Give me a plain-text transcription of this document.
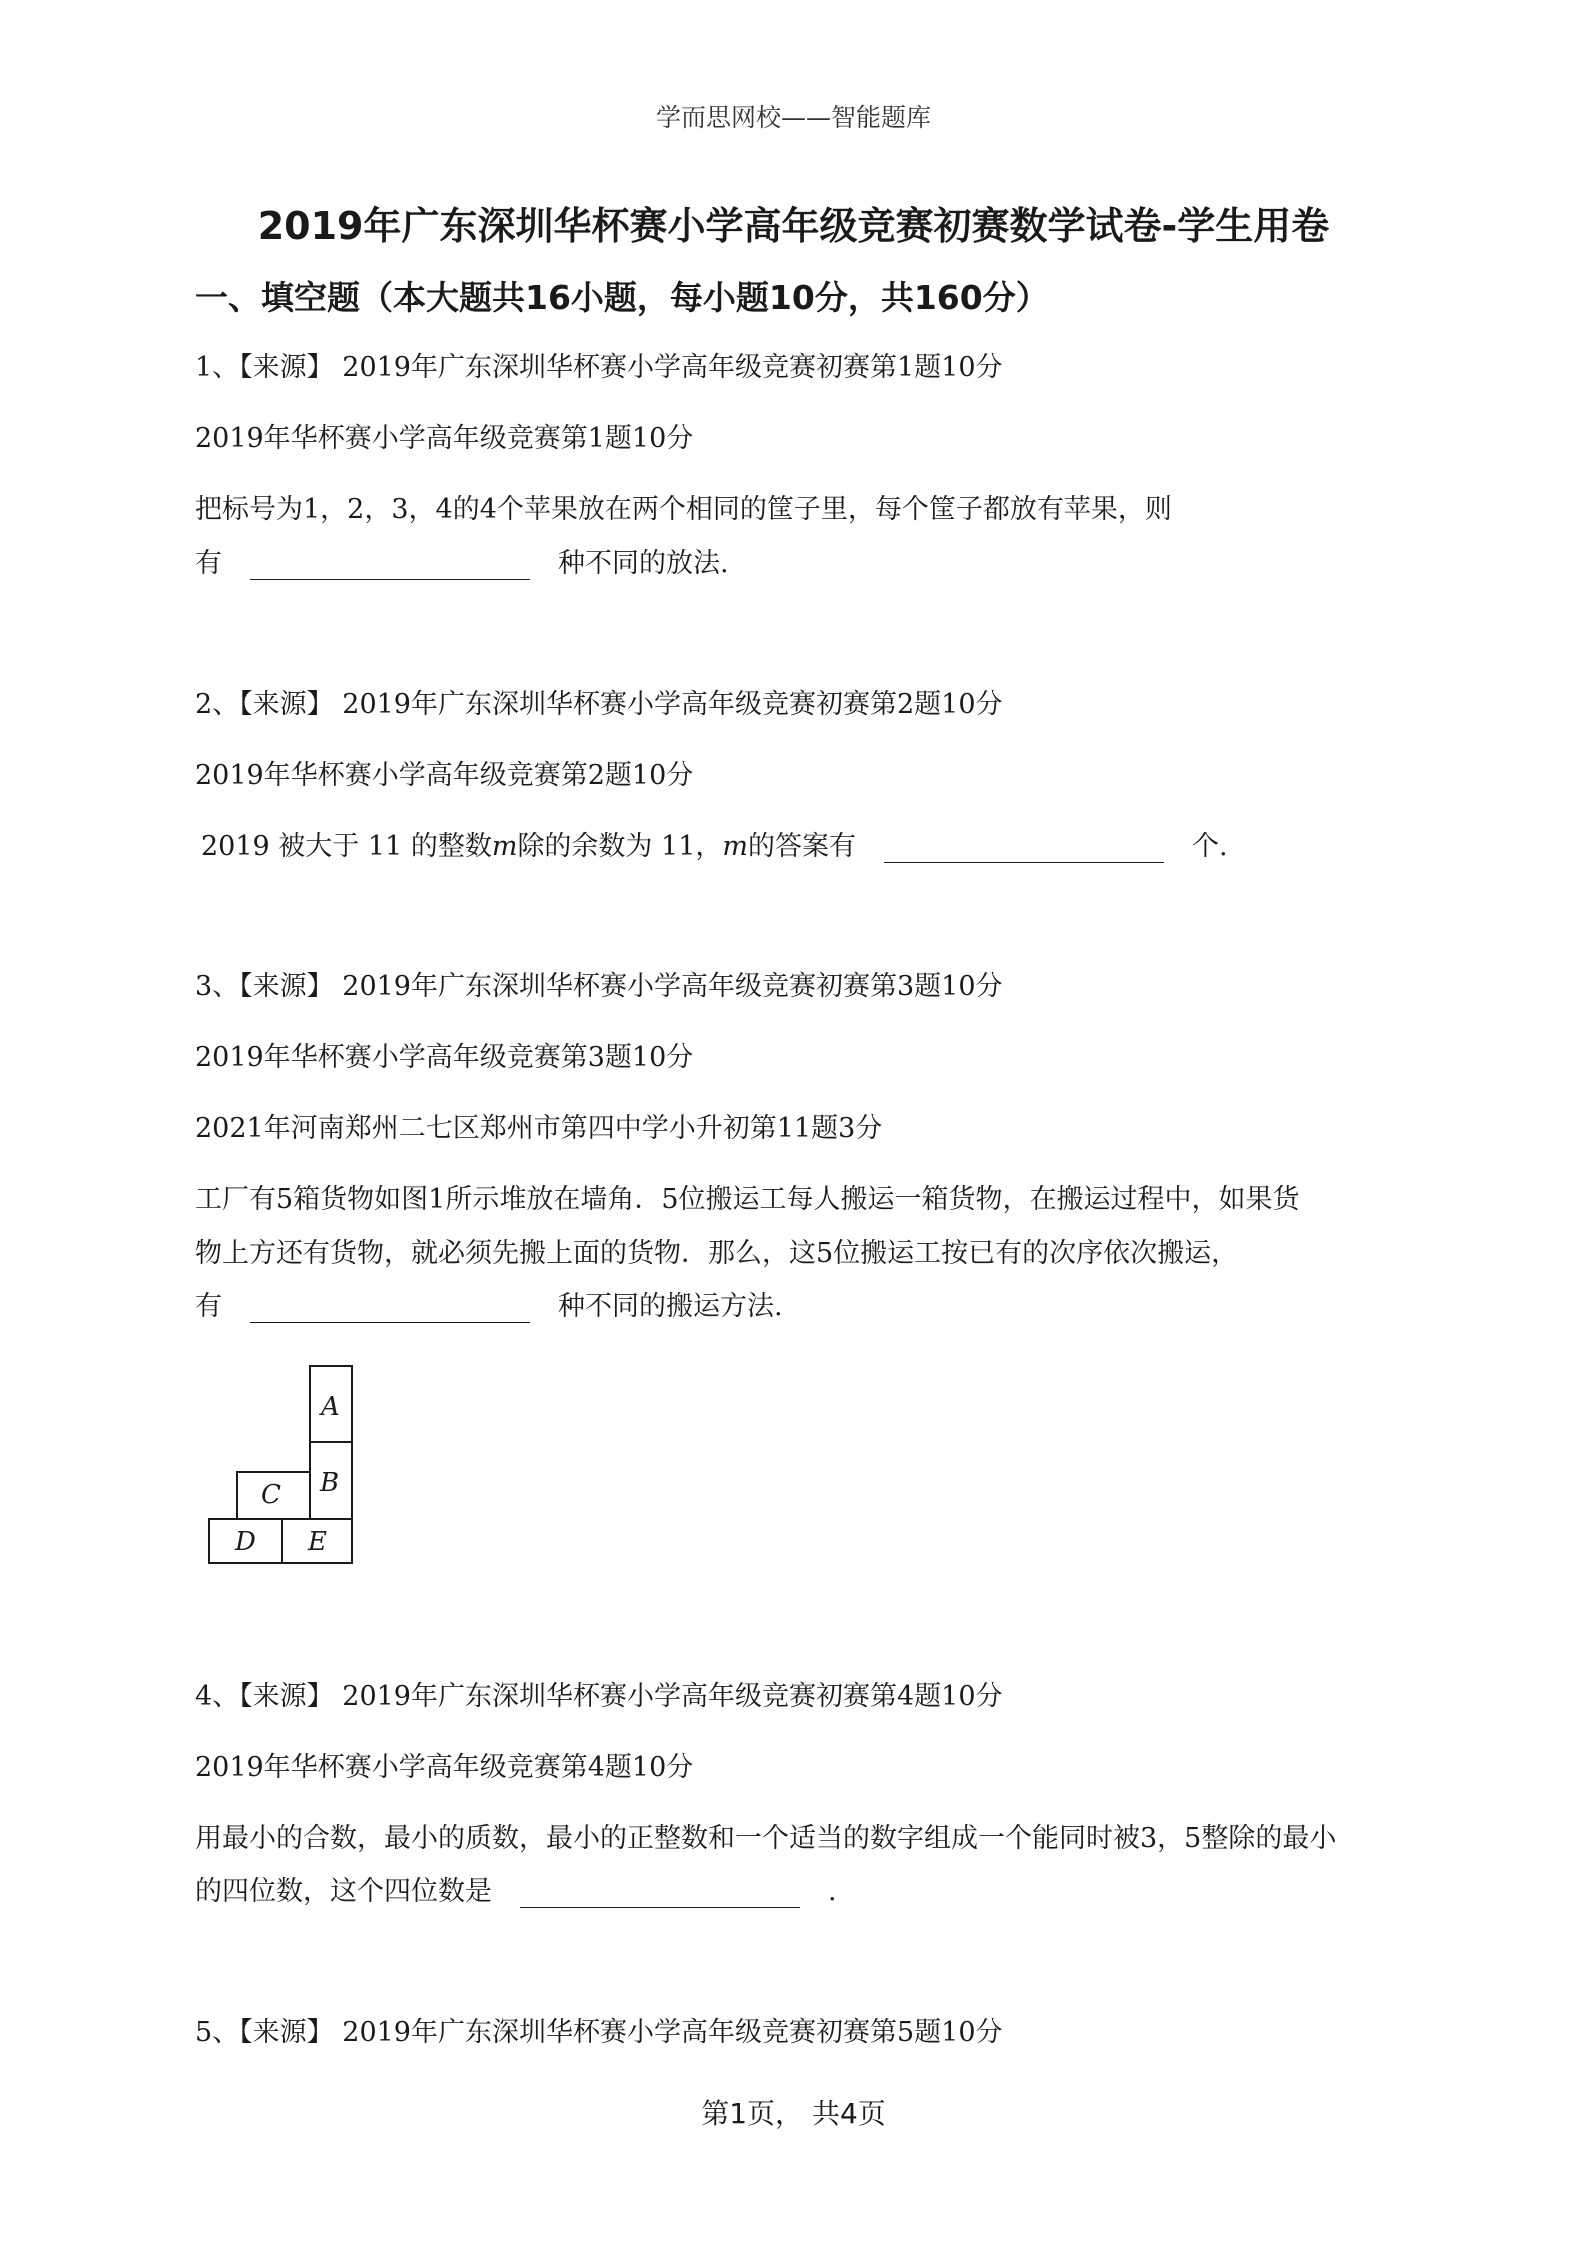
学而思网校——智能题库
2019年广东深圳华杯赛小学高年级竞赛初赛数学试卷-学生用卷
一、填空题（本大题共16小题，每小题10分，共160分）
1、【来源】 2019年广东深圳华杯赛小学高年级竞赛初赛第1题10分
2019年华杯赛小学高年级竞赛第1题10分
把标号为1，2，3，4的4个苹果放在两个相同的筐子里，每个筐子都放有苹果，则
有	种不同的放法.
2、【来源】 2019年广东深圳华杯赛小学高年级竞赛初赛第2题10分
2019年华杯赛小学高年级竞赛第2题10分
2019 被大于 11 的整数m除的余数为 11，m的答案有	个.
3、【来源】 2019年广东深圳华杯赛小学高年级竞赛初赛第3题10分
2019年华杯赛小学高年级竞赛第3题10分
2021年河南郑州二七区郑州市第四中学小升初第11题3分
工厂有5箱货物如图1所示堆放在墙角．5位搬运工每人搬运一箱货物，在搬运过程中，如果货
物上方还有货物，就必须先搬上面的货物．那么，这5位搬运工按已有的次序依次搬运，
有	种不同的搬运方法.
A
B
C
D E
4、【来源】 2019年广东深圳华杯赛小学高年级竞赛初赛第4题10分
2019年华杯赛小学高年级竞赛第4题10分
用最小的合数，最小的质数，最小的正整数和一个适当的数字组成一个能同时被3，5整除的最小
的四位数，这个四位数是	.
5、【来源】 2019年广东深圳华杯赛小学高年级竞赛初赛第5题10分
第1页， 共4页
